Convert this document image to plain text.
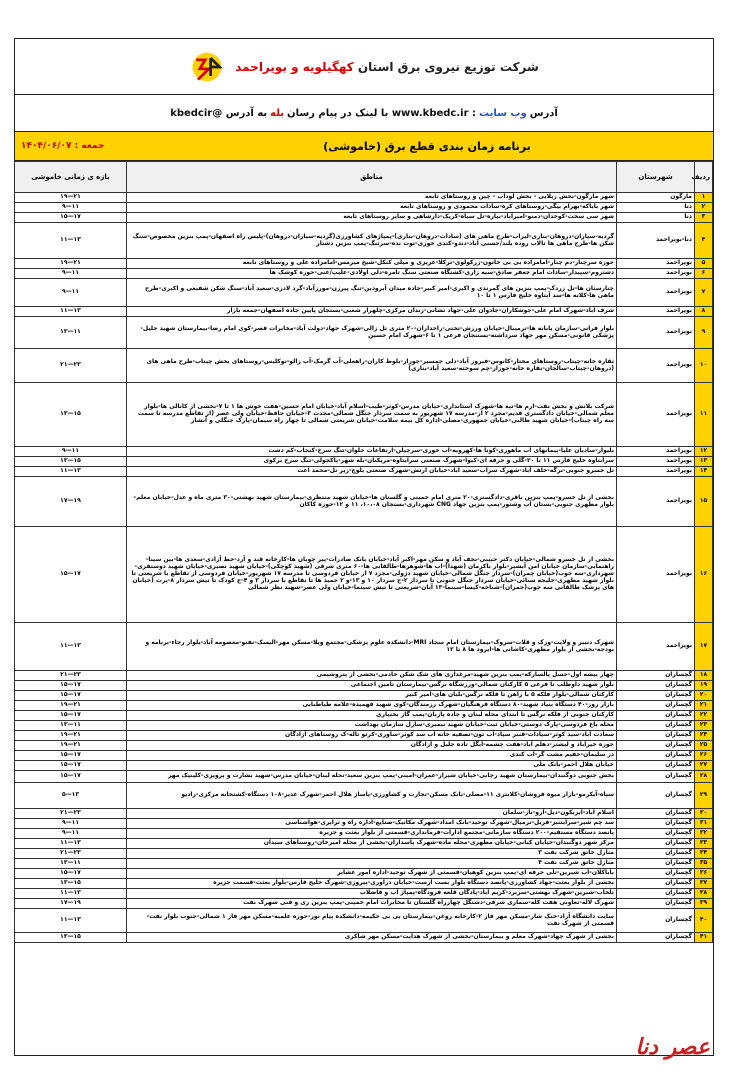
شرکت توزیع نیروی برق استان کهگیلویه و بویراحمد
آدرس
وب سایت
: www.kbedc.ir با لینک در پیام رسان
بله
به آدرس @kbedcir
برنامه زمان بندی قطع برق (خاموشی)
جمعه : ۱۴۰۴/۰۶/۰۷
ردیف	شهرستان	مناطق	بازه ی زمانی خاموشی
۱	مارگون	شهر مارگون-بخش زیلایی - بخش لوداب - چین و روستاهای تابعه	۱۹—۲۱
۲	دنا	شهر باباکه-بهرام بیگی-روستاهای کره-سادات محمودی و روستاهای تابعه	۹—۱۱
۳	دنا	شهر سی سخت-کوخدان-دمنو-امیرآباد-بیاره-تل سیاه-کریک-دارشاهی و سایر روستاهای تابعه	۱۵—۱۷
۴	دنا-بویراحمد	گردیه-سیاران-دروهان-بناری-لیراب-طرح ماهی های (سادات-دروهان-بناری)-پمپاژهای کشاورزی(گردیه-سیاران-دروهان)-پلیس راه اصفهان-پمپ بنزین مخصوص-سنگ شکن ها-طرح ماهی ها تالاب روده بلند/حسنی آباد-دندو-کندی خوری-توت نده-سرتنگ-پمپ بنزین دشتار	۱۱—۱۳
۵	بویراحمد	حوزه سرچنار-دم چنار-امامزاده بی بی خاتون-زرکولوی-ترکلا-عزیزی و میلی کنکل-شیخ میرمس-امامزاده علی و روستاهای تابعه	۱۹—۲۱
۶	بویراحمد	دشتروم-سپیدار-سادات امام جعفر صادق-سیه زاری-کشتگاه صنعتی سنگ تامره-دلی اولادی-علیپ/غنی-حوزه کوشک ها	۹—۱۱
۷	بویراحمد	چنارستان ها-تل زردک-پمپ بنزین های گمرندی و اکبری-امیر کبیر-جاده میدان آبرودین-تنگ پیرزن-مورزآباد-گرد لادری-سعید آباد-سنگ شکن شفیعی و اکبری-طرح ماهی ها-کلاته ها-سد آبتاوه خلیج فارس ۱ تا ۱۰	۹—۱۱
۸	بویراحمد	شرف آباد-شهرک امام علی-جوشکاران-جادوان علی-جهاد نشانی-زندان مرکزی-چلهرار شعبی-بستجان پایین جاده اصفهان-جمعه بازار	۱۱—۱۳
۹	بویراحمد	بلوار فرانی-سازمان یابانه ها-ترمینال-خیابان ورزش-تختی-راحداران-۲۰ متری تل زالی-شهرک جهاد-دولت آباد-مخابرات قصر-کوی امام رضا-بیمارستان شهید جلیل-پزشکی قانونی-مسکن مهر جهاد سرداشته-بستنجان فرعی ۱ تا ۶-شهرک امام حسین	۱۳—۱۱
۱۰	بویراحمد	تقاره خانه-چیتاب-روستاهای مختار-کانوس-فیروز آباد-دلی جمسیر-جوزار-بلوط کاران-راهعلی-آب گرمک-آب زالو-نوکلیس-روستاهای بخش چیتاب-طرح ماهی های (دروهان-چیتاب-سالجان-نقاره خانه-جوزار-چم سوخته-سعید آباد-بناری)	۲۱—۲۳
۱۱	بویراحمد	شرکت بلاتش و بخش نفت-ارم ها-تپه ها-شهرک استانداری-خیابان مدرس-کوثر-طیب-اسلام آباد-خیابان امام حسین-هفت خوش ها ۱ تا ۷-بخشی از کانالی ها-بلوار معلم شمالی-خیابان دادگستری قدیم-مجرد ۲ از-مدرسه ۱۷ شهریور به سمت سردار جنگل شمالی-مجدت ۳-خیابان حافظ-خیابان ولی عصر (از تقاطع مدرسه تا سمت سه راه چیتاب)-خیابان شهید طالبی-خیابان جمهوری-مصلی-اداره کل بیمه سلامت-خیابان شریعتی شمالی تا چهار راه سیمان-پارک جنگلی و آبشار	۱۳—۱۵
۱۲	بویراحمد	بلیوار-سادیان علیا-پیمانهای آب ماهوری-کونا ها-کهرویه-آب خوری-سرچیلن-ارتفاعات حلوان-تنگ سرخ-کنجاب-کم دشت	۹—۱۱
۱۳	بویراحمد	سرآبتاوه خلیج فارس ۱۱ تا ۲۰-گلی و حرفه ای-کیوا-شهرک صنعتی سرآبتاوه-مریکنان-بله شهر-پاکجولی-تنگ سرخ برکوی	۱۳—۱۵
۱۴	بویراحمد	تل خسرو جنوبی-نرگه-خلف آباد-شهرک سراب-سعید آباد-خیابان ارتش-شهرک صنعتی بلوچ-زیر تل-محمد اعت	۱۱—۱۳
۱۵	بویراحمد	بخشی از تل خسرو-پمپ بنزین باقری-دادگستری-۲۰ متری امام خمینی و گلستان ها-خیابان شهید منتظری-بیمارستان شهید بهشتی-۳۰ متری ماه و عدل-خیابان معلم-بلوار مطهری جنوبی-بستان آب وشتور-پمپ بنزین جهاد CNG شهرداری-بستجان ۱۰،۰۸، ۱۱ و ۱۲-حوزه کاکان	۱۷—۱۹
۱۶	بویراحمد	بخشی از تل خسرو شمالی-خیابان دکتر حبیبی-نجف آباد و سکن مهر-اکبر آباد-خیابان بانک صادرات-پیر چوبان ها-کارخانه قند و آرد-خط آزادی-سعدی ها-بین سینا-راهنمایی-سازمان خیابان امن آبشیر-بلوار باکرمان (شهدا)-اب ها-شوهرها-طالقانی ها-۶۰ متری شرقی (شهید کوچکی)-خیابان شهید نصیری-خیابان شهید دوستفری-شهرداری-سه جوب(خیابان چمران)-سردار جنگل شمالی-خیابان شهید دژولی-مجرد ۷ از خیابان فردوسی تا مدرسه ۱۷ شهریور-خیابان فردوسی از تقاطع با شریعتی تا بلوار شهید مطهری-خلیجه سنائی-خیابان سردار جنگل جنوبی تا سردار ۲-ج سردار ۱۰ و ۱۳-و ۲ حمید ها تا تقاطع با سردار ۳ و ۴-ج کودک تا تیش سردار ۸-پرت (خیابان های پزشک طالقانی سه جوب(جمران)-شناخه-کیسا-سینما-۱۳ آبان-شریعتی تا تیش سینما-خیابان ولی عصر-شهید نظر شمالی	۱۵—۱۷
۱۷	بویراحمد	شهرک دنییر و ولایت-ورک و قلات-سروک-بیمارستان امام سجاد MRI-دانشکده علوم پزشکی-مجتمع ویلا-مسکن مهر-الیسک-نفتو-معصومه آباد-بلوار رجاء-برنامه و بودجه-بخشی از بلوار مطهری-کاشانی ها-ایرود ها ۸ تا ۱۲	۱۱—۱۳
۱۸	گچساران	چهار بیشه اول-حسل پالسارکه-پمپ بنزین شهید-مرغداری های شک شکن خادمی-بخشی از پتروشیمی	۲۱—۲۳
۱۹	گچساران	بلوار شهید داوطلب تا فرعی ۵ کارکنان شمالی-ورزشگاه نرگس-بیمارستان تامین اجتماعی	۱۵—۱۷
۲۰	گچساران	کارکنان شمالی-بلوار فلکه ۵ با راهن تا فلکه نرگس-بلبان های-امیر کبیر	۱۵—۱۷
۲۱	گچساران	بازار روز-۴۰ دستگاه بنیاد شهید-۸۰ دستگاه فرهنگیان-شهرک رزمندگان-کوی شهید فهمیده-علامه طباطبایی	۱۹—۲۱
۲۲	گچساران	کارکنان جنوبی از فلکه نرگس تا ابتدای محله لبنان و جاده پازنان-پمپ گاز بختیاری	۱۵—۱۷
۲۳	گچساران	محله باغ فردوسی-پارک دوستی-خیابان ثبت-خیابان شهید نیمیری-سازل سازمان بهداشت	۱۳—۱۱
۲۴	گچساران	سعادت آباد-سید کوثر-سیادات-قنبر سیاد-آب تون-تصفیه خانه آب سد کوثر-ساوری-کرتو ناله-ک روستاهای آزادگان	۱۹—۲۱
۲۵	گچساران	حوزه خیرآباد و لیشتر-دهلم آباد-هفت چشمه-آبگل تاده جلیل و آزادگان	۱۹—۲۱
۲۶	گچساران	دز سلیمان-حفیم مشت گر-آب کندی	۱۵—۱۷
۲۷	گچساران	خیابان هلال احمر-بانک ملی	۱۵—۱۷
۲۸	گچساران	بخش جنوبی دوگنبدان-بیمارستان شهید رجایی-خیابان شیراز-عمران-امینی-پمپ بنزین سعید-نحله لبنان-خیابان مدرس-شهید بشارت و پرویزی-کلینیک مهر	۱۵—۱۷
۲۹	گچساران	سیاه-آبکرمو-بازار میوه فروشان-کلانتری ۱۱-مصلی-بانک مسکن-تجارت و کشاورزی-پاساژ هلال احمر-شهرک غدیر-۱۰۸ دستگاه-کشتخانه مرکزی-رادیو	۵—۱۳
۳۰	گچساران	اسلام آباد-آبریکون-دیل-آرو-ناز-سلمان	۲۱—۲۳
۳۱	گچساران	سد چم شیر-سرآبتنبز-قربل-ترمیال-شهرک توحید-بانک امداد-شهرک مکانیک-صنایع-اداره راه و ترابری-هواشناسی	۹—۱۱
۳۲	گچساران	پانصد دستگاه مستقیم-۲۰۰ دستگاه سازمانی-مجتمع ادارات-فرمانداری-قسمتی از بلوار بعثت و جزیره	۹—۱۱
۳۳	گچساران	مرکز شهر دوگنبدان-خیابان کیانی-خیابان مطهری-محله ماده-شهرک پاسداران-بخشی از محله امیرخان-روستاهای سیدان	۱۱—۱۳
۳۴	گچساران	منازل خاتق شرکت نفت ۳	۲۱—۲۳
۳۵	گچساران	منازل خاتق شرکت نفت ۴	۱۳—۱۱
۳۶	گچساران	باباکلان-آب شیرین-تلی حرفه ای-پمپ بنزین کوهیان-قسمتی از شهرک توحید-اداره امور عشایر	۱۵—۱۷
۳۷	گچساران	بخشی از بلوار بعثت-جهاد کشاورزی-پانصد دستگاه بلوار بست ارست-خیابان دراوری-پیروزی-شهرک خلیج فارس-بلوار بعثت-قسمت جزیره	۱۳—۱۵
۳۸	گچساران	تلخاب-شیرین-شهرک بهشتی-سربرد-کریم آباد-پادگان قلعه فرودگاه-پمپاژ آب و فاضلاب	۱۱—۱۳
۳۹	گچساران	شهرک لاله-تعاونی هفت کله-سماری شرقی-دشتگل چهارراه گلستان تا مخابرات امام خمینی-پمپ بنزین ری و فنی شهرک نفت	۱۷—۱۹
۴۰	گچساران	سایت دانشگاه آزاد-خنک شار-مسکن مهر فاز ۲-کارخانه روغن-بیمارستان بی بی حکیمه-دانشکده پیام نور-حوزه علمیه-مسکن مهر فاز ۱ شمالی-جنوب بلوار نفت-قسمتی از شهرک نفت	۱۱—۱۳
۴۱	گچساران	بخشی از شهرک جهاد-شهرک معلم و بیمارستان-بخشی از شهرک هدایت-مسکن مهر شاکری	۱۳—۱۵
عصر دنا
